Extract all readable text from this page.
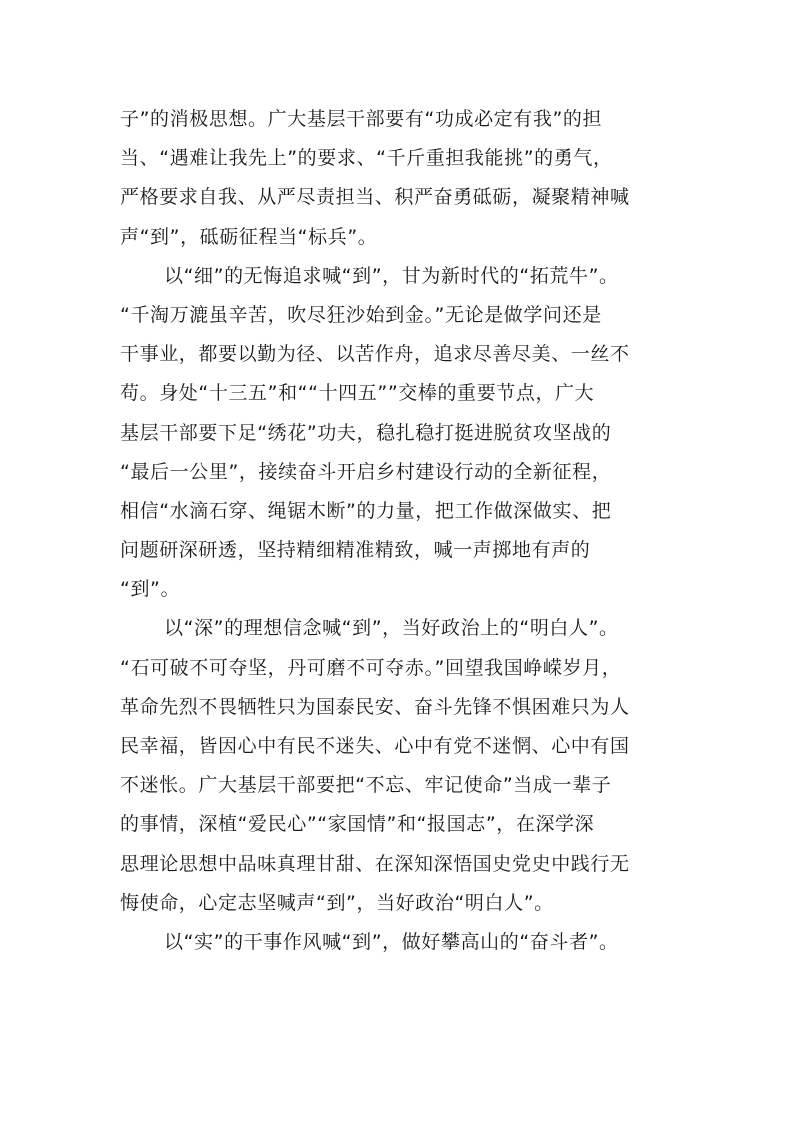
子”的消极思想。广大基层干部要有“功成必定有我”的担
当、“遇难让我先上”的要求、“千斤重担我能挑”的勇气，
严格要求自我、从严尽责担当、积严奋勇砥砺，凝聚精神喊
声“到”，砥砺征程当“标兵”。
以“细”的无悔追求喊“到”，甘为新时代的“拓荒牛”。
“千淘万漉虽辛苦，吹尽狂沙始到金。”无论是做学问还是
干事业，都要以勤为径、以苦作舟，追求尽善尽美、一丝不
苟。身处“十三五”和““十四五””交棒的重要节点，广大
基层干部要下足“绣花”功夫，稳扎稳打挺进脱贫攻坚战的
“最后一公里”，接续奋斗开启乡村建设行动的全新征程，
相信“水滴石穿、绳锯木断”的力量，把工作做深做实、把
问题研深研透，坚持精细精准精致，喊一声掷地有声的
“到”。
以“深”的理想信念喊“到”，当好政治上的“明白人”。
“石可破不可夺坚，丹可磨不可夺赤。”回望我国峥嵘岁月，
革命先烈不畏牺牲只为国泰民安、奋斗先锋不惧困难只为人
民幸福，皆因心中有民不迷失、心中有党不迷惘、心中有国
不迷怅。广大基层干部要把“不忘、牢记使命”当成一辈子
的事情，深植“爱民心”“家国情”和“报国志”，在深学深
思理论思想中品味真理甘甜、在深知深悟国史党史中践行无
悔使命，心定志坚喊声“到”，当好政治“明白人”。
以“实”的干事作风喊“到”，做好攀高山的“奋斗者”。
